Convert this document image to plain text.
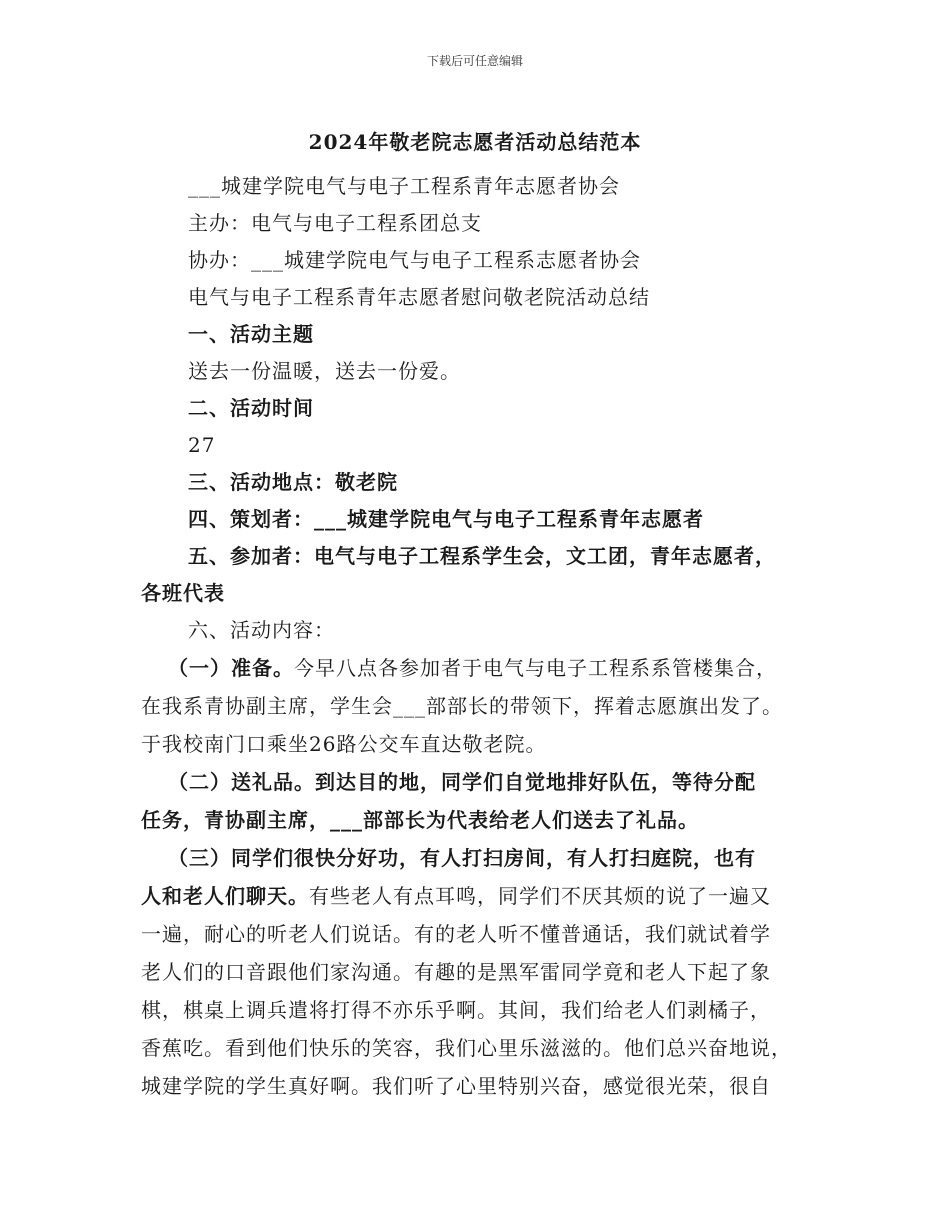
下载后可任意编辑
2024年敬老院志愿者活动总结范本

___城建学院电气与电子工程系青年志愿者协会

主办：电气与电子工程系团总支

协办：___城建学院电气与电子工程系志愿者协会

电气与电子工程系青年志愿者慰问敬老院活动总结

一、活动主题

送去一份温暖，送去一份爱。

二、活动时间

27

三、活动地点：敬老院

四、策划者：___城建学院电气与电子工程系青年志愿者

五、参加者：电气与电子工程系学生会，文工团，青年志愿者，

各班代表

六、活动内容：

（一）准备。今早八点各参加者于电气与电子工程系系管楼集合，

在我系青协副主席，学生会___部部长的带领下，挥着志愿旗出发了。

于我校南门口乘坐26路公交车直达敬老院。

（二）送礼品。到达目的地，同学们自觉地排好队伍，等待分配

任务，青协副主席，___部部长为代表给老人们送去了礼品。

（三）同学们很快分好功，有人打扫房间，有人打扫庭院，也有

人和老人们聊天。有些老人有点耳鸣，同学们不厌其烦的说了一遍又

一遍，耐心的听老人们说话。有的老人听不懂普通话，我们就试着学

老人们的口音跟他们家沟通。有趣的是黑军雷同学竟和老人下起了象

棋，棋桌上调兵遣将打得不亦乐乎啊。其间，我们给老人们剥橘子，

香蕉吃。看到他们快乐的笑容，我们心里乐滋滋的。他们总兴奋地说，

城建学院的学生真好啊。我们听了心里特别兴奋，感觉很光荣，很自
